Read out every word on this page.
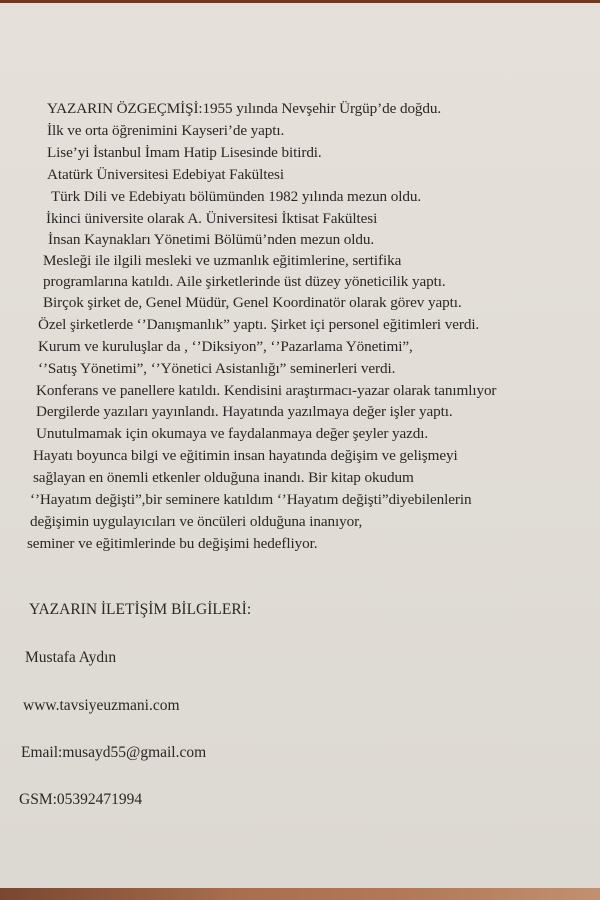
YAZARIN ÖZGEÇMİŞİ:1955 yılında Nevşehir Ürgüp’de doğdu.
İlk ve orta öğrenimini Kayseri’de yaptı.
Lise’yi İstanbul İmam Hatip Lisesinde bitirdi.
Atatürk Üniversitesi Edebiyat Fakültesi
Türk Dili ve Edebiyatı bölümünden 1982 yılında mezun oldu.
İkinci üniversite olarak A. Üniversitesi İktisat Fakültesi
İnsan Kaynakları Yönetimi Bölümü’nden mezun oldu.
Mesleği ile ilgili mesleki ve uzmanlık eğitimlerine, sertifika
programlarına katıldı. Aile şirketlerinde üst düzey yöneticilik yaptı.
Birçok şirket de, Genel Müdür, Genel Koordinatör olarak görev yaptı.
Özel şirketlerde ‘’Danışmanlık” yaptı. Şirket içi personel eğitimleri verdi.
Kurum ve kuruluşlar da , ‘’Diksiyon”, ‘’Pazarlama Yönetimi”,
‘’Satış Yönetimi”, ‘’Yönetici Asistanlığı” seminerleri verdi.
Konferans ve panellere katıldı. Kendisini araştırmacı-yazar olarak tanımlıyor
Dergilerde yazıları yayınlandı. Hayatında yazılmaya değer işler yaptı.
Unutulmamak için okumaya ve faydalanmaya değer şeyler yazdı.
Hayatı boyunca bilgi ve eğitimin insan hayatında değişim ve gelişmeyi
sağlayan en önemli etkenler olduğuna inandı. Bir kitap okudum
‘’Hayatım değişti”,bir seminere katıldım ‘’Hayatım değişti”diyebilenlerin
değişimin uygulayıcıları ve öncüleri olduğuna inanıyor,
seminer ve eğitimlerinde bu değişimi hedefliyor.
YAZARIN İLETİŞİM BİLGİLERİ:
Mustafa Aydın
www.tavsiyeuzmani.com
Email:musayd55@gmail.com
GSM:05392471994
